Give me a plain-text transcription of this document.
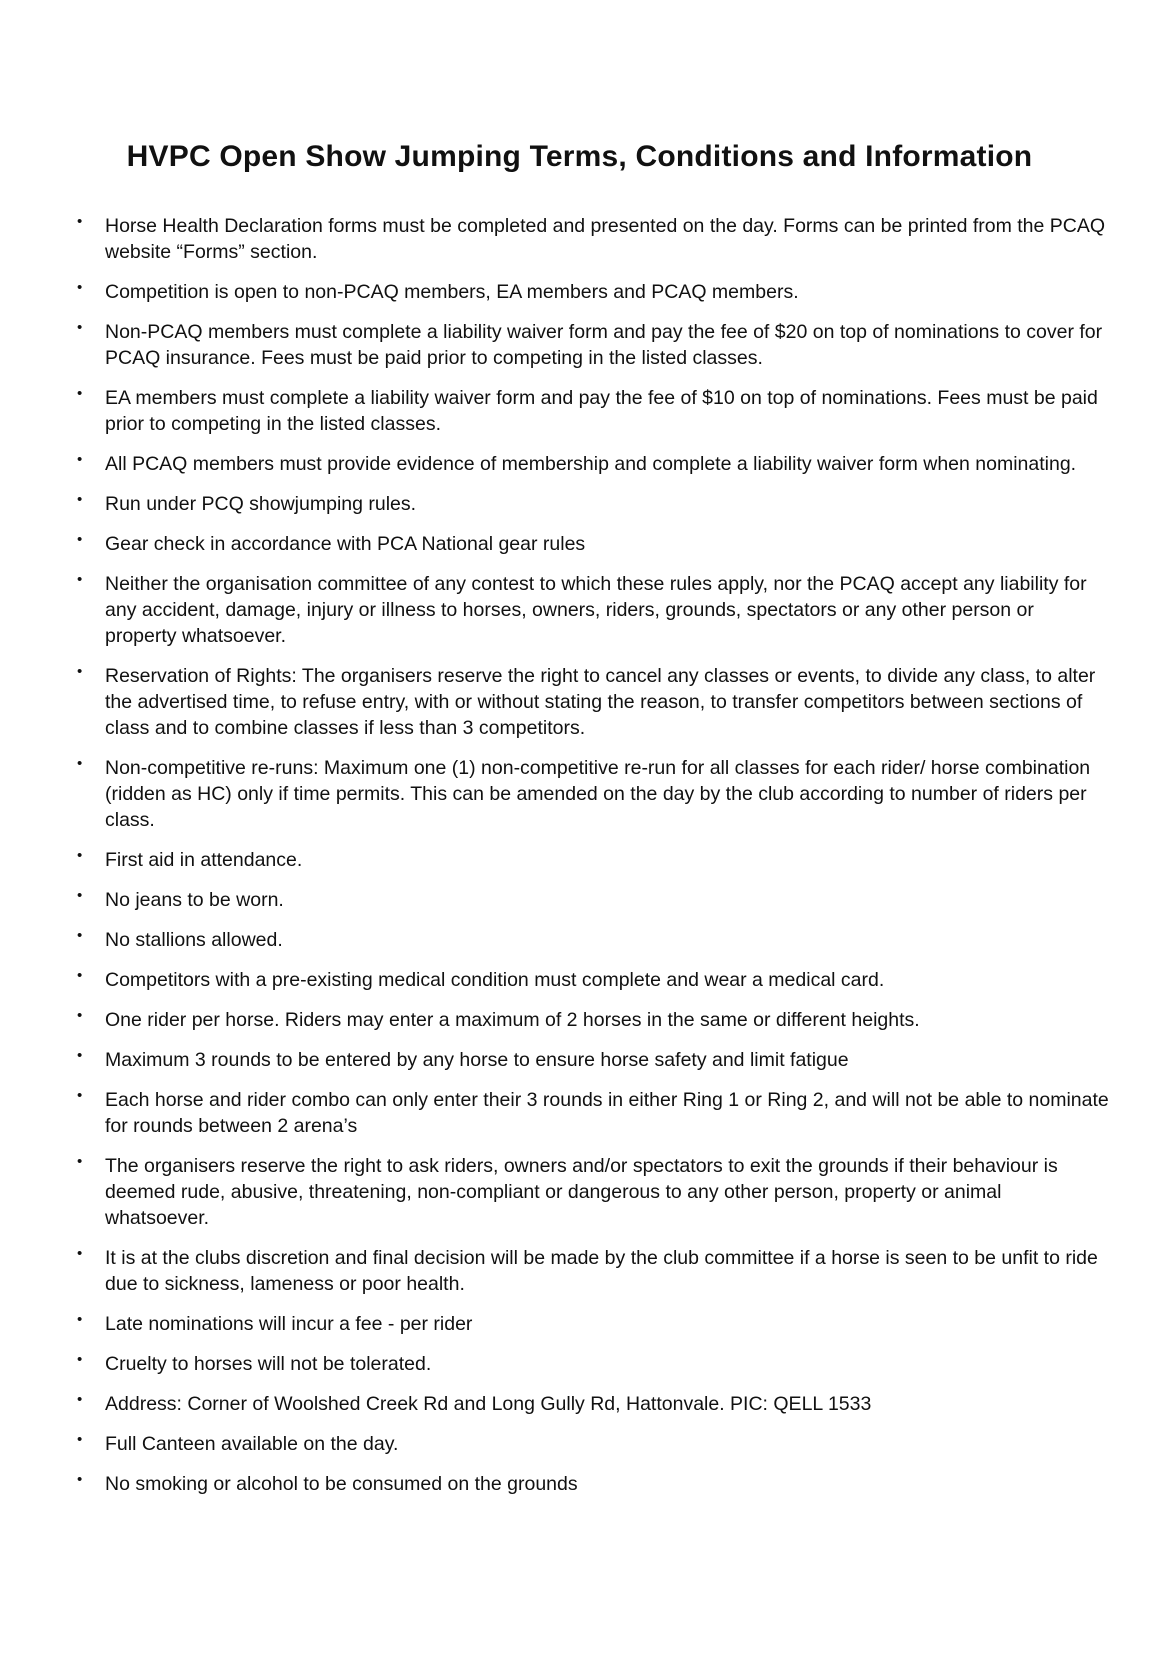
HVPC Open Show Jumping Terms, Conditions and Information
• Horse Health Declaration forms must be completed and presented on the day. Forms can be printed from the PCAQ website “Forms” section.
• Competition is open to non-PCAQ members, EA members and PCAQ members.
• Non-PCAQ members must complete a liability waiver form and pay the fee of $20 on top of nominations to cover for PCAQ insurance. Fees must be paid prior to competing in the listed classes.
• EA members must complete a liability waiver form and pay the fee of $10 on top of nominations. Fees must be paid prior to competing in the listed classes.
• All PCAQ members must provide evidence of membership and complete a liability waiver form when nominating.
• Run under PCQ showjumping rules.
• Gear check in accordance with PCA National gear rules
• Neither the organisation committee of any contest to which these rules apply, nor the PCAQ accept any liability for any accident, damage, injury or illness to horses, owners, riders, grounds, spectators or any other person or property whatsoever.
• Reservation of Rights: The organisers reserve the right to cancel any classes or events, to divide any class, to alter the advertised time, to refuse entry, with or without stating the reason, to transfer competitors between sections of class and to combine classes if less than 3 competitors.
• Non-competitive re-runs: Maximum one (1) non-competitive re-run for all classes for each rider/ horse combination (ridden as HC) only if time permits. This can be amended on the day by the club according to number of riders per class.
• First aid in attendance.
• No jeans to be worn.
• No stallions allowed.
• Competitors with a pre-existing medical condition must complete and wear a medical card.
• One rider per horse. Riders may enter a maximum of 2 horses in the same or different heights.
• Maximum 3 rounds to be entered by any horse to ensure horse safety and limit fatigue
• Each horse and rider combo can only enter their 3 rounds in either Ring 1 or Ring 2, and will not be able to nominate for rounds between 2 arena’s
• The organisers reserve the right to ask riders, owners and/or spectators to exit the grounds if their behaviour is deemed rude, abusive, threatening, non-compliant or dangerous to any other person, property or animal whatsoever.
• It is at the clubs discretion and final decision will be made by the club committee if a horse is seen to be unfit to ride due to sickness, lameness or poor health.
• Late nominations will incur a fee - per rider
• Cruelty to horses will not be tolerated.
• Address: Corner of Woolshed Creek Rd and Long Gully Rd, Hattonvale. PIC: QELL 1533
• Full Canteen available on the day.
• No smoking or alcohol to be consumed on the grounds
